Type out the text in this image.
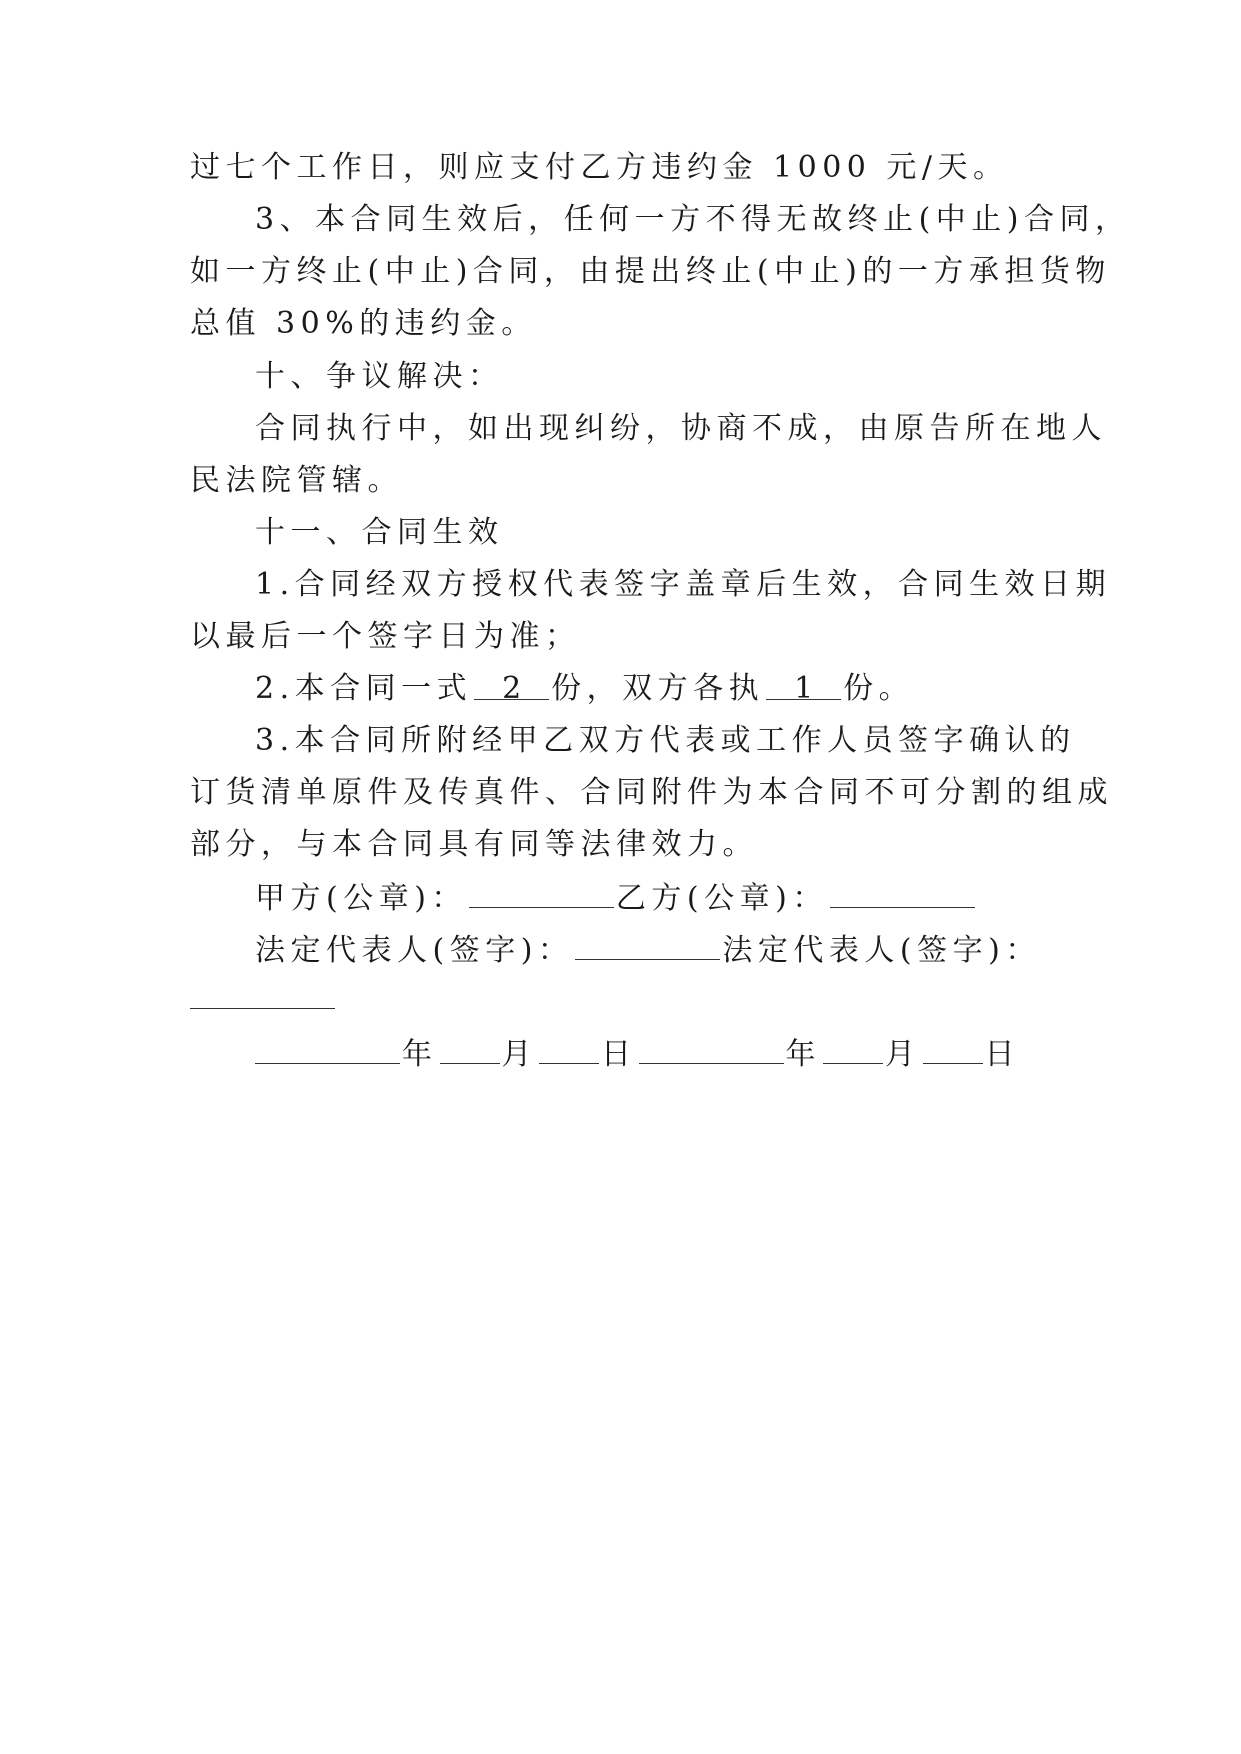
过七个工作日，则应支付乙方违约金 1000 元/天。
3、本合同生效后，任何一方不得无故终止(中止)合同，
如一方终止(中止)合同，由提出终止(中止)的一方承担货物
总值 30%的违约金。
十、争议解决：
合同执行中，如出现纠纷，协商不成，由原告所在地人
民法院管辖。
十一、合同生效
1.合同经双方授权代表签字盖章后生效，合同生效日期
以最后一个签字日为准；
2.本合同一式 2 份，双方各执 1 份。
3.本合同所附经甲乙双方代表或工作人员签字确认的
订货清单原件及传真件、合同附件为本合同不可分割的组成
部分，与本合同具有同等法律效力。
甲方(公章)：	乙方(公章)：
法定代表人(签字)：	法定代表人(签字)：
年 月 日	年 月 日
